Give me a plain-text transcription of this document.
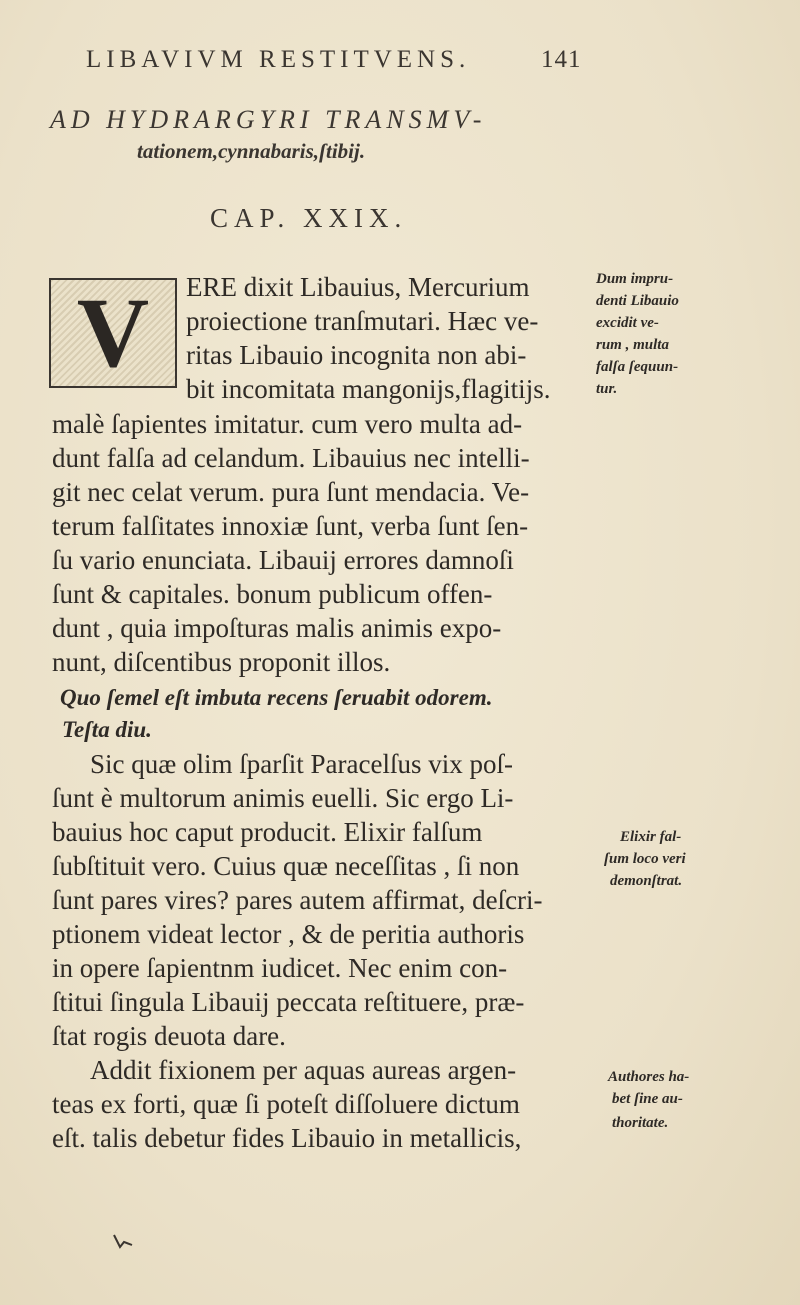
LIBAVIVM RESTITVENS.	141
AD HYDRARGYRI TRANSMV-
tationem,cynnabaris,ſtibij.
CAP. XXIX.
V	ERE dixit Libauius, Mercurium
proiectione tranſmutari. Hæc ve-
ritas Libauio incognita non abi-
bit incomitata mangonijs,flagitijs.
malè ſapientes imitatur. cum vero multa ad-
dunt falſa ad celandum. Libauius nec intelli-
git nec celat verum. pura ſunt mendacia. Ve-
terum falſitates innoxiæ ſunt, verba ſunt ſen-
ſu vario enunciata. Libauij errores damnoſi
ſunt & capitales. bonum publicum offen-
dunt , quia impoſturas malis animis expo-
nunt, diſcentibus proponit illos.
Quo ſemel eſt imbuta recens ſeruabit odorem.
Teſta diu.
Sic quæ olim ſparſit Paracelſus vix poſ-
ſunt è multorum animis euelli. Sic ergo Li-
bauius hoc caput producit. Elixir falſum
ſubſtituit vero. Cuius quæ neceſſitas , ſi non
ſunt pares vires? pares autem affirmat, deſcri-
ptionem videat lector , & de peritia authoris
in opere ſapientnm iudicet. Nec enim con-
ſtitui ſingula Libauij peccata reſtituere, præ-
ſtat rogis deuota dare.
Addit fixionem per aquas aureas argen-
teas ex forti, quæ ſi poteſt diſſoluere dictum
eſt. talis debetur fides Libauio in metallicis,
Dum impru-
denti Libauio
excidit ve-
rum , multa
falſa ſequun-
tur.
Elixir fal-
ſum loco veri
demonſtrat.
Authores ha-
bet ſine au-
thoritate.
